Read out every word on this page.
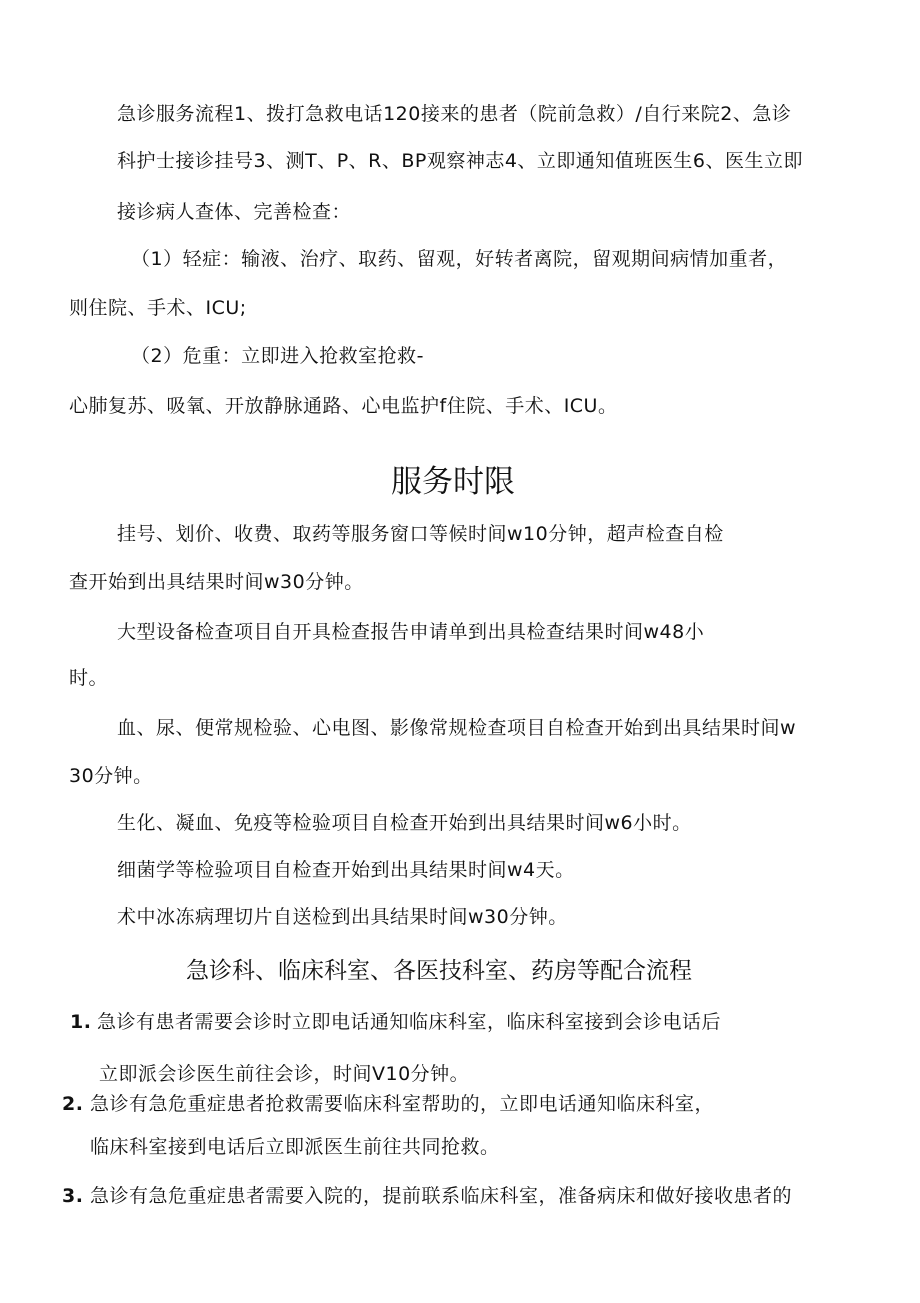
急诊服务流程1、拨打急救电话120接来的患者（院前急救）/自行来院2、急诊
科护士接诊挂号3、测T、P、R、BP观察神志4、立即通知值班医生6、医生立即
接诊病人查体、完善检查：
（1）轻症：输液、治疗、取药、留观，好转者离院，留观期间病情加重者，
则住院、手术、ICU;
（2）危重：立即进入抢救室抢救-
心肺复苏、吸氧、开放静脉通路、心电监护f住院、手术、ICU。
服务时限
挂号、划价、收费、取药等服务窗口等候时间w10分钟，超声检查自检
查开始到出具结果时间w30分钟。
大型设备检查项目自开具检查报告申请单到出具检查结果时间w48小
时。
血、尿、便常规检验、心电图、影像常规检查项目自检查开始到出具结果时间w
30分钟。
生化、凝血、免疫等检验项目自检查开始到出具结果时间w6小时。
细菌学等检验项目自检查开始到出具结果时间w4天。
术中冰冻病理切片自送检到出具结果时间w30分钟。
急诊科、临床科室、各医技科室、药房等配合流程
1. 急诊有患者需要会诊时立即电话通知临床科室，临床科室接到会诊电话后
立即派会诊医生前往会诊，时间V10分钟。
2. 急诊有急危重症患者抢救需要临床科室帮助的，立即电话通知临床科室，
临床科室接到电话后立即派医生前往共同抢救。
3. 急诊有急危重症患者需要入院的，提前联系临床科室，准备病床和做好接收患者的
